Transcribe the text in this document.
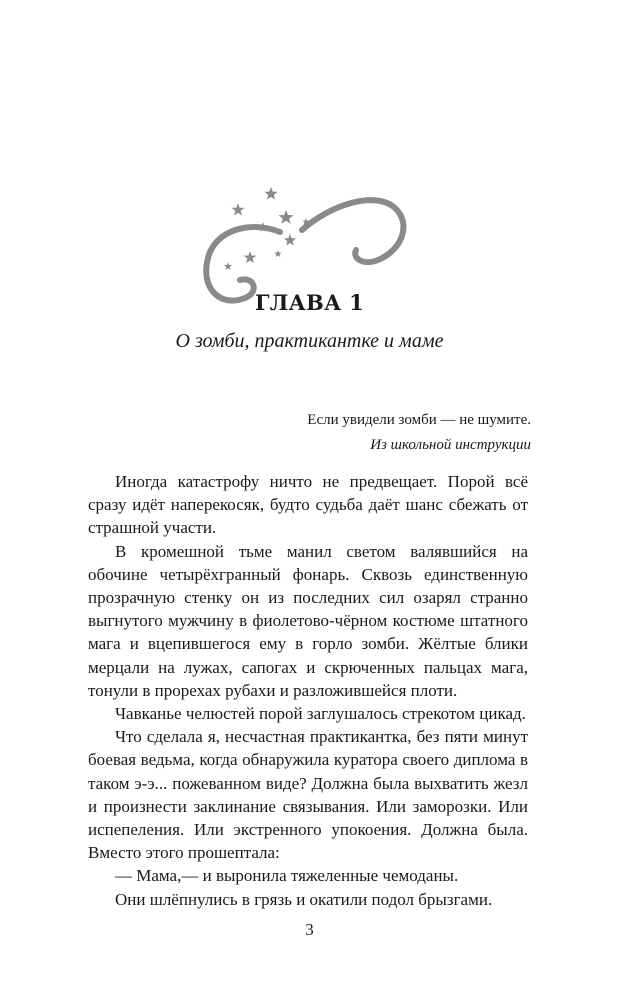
ГЛАВА 1
О зомби, практикантке и маме
Если увидели зомби — не шумите.
Из школьной инструкции

Иногда катастрофу ничто не предвещает. Порой всё сразу идёт наперекосяк, будто судьба даёт шанс сбежать от страшной участи.

В кромешной тьме манил светом валявшийся на обочине четырёхгранный фонарь. Сквозь единственную прозрачную стенку он из последних сил озарял странно выгнутого мужчину в фиолетово-чёрном костюме штатного мага и вцепившегося ему в горло зомби. Жёлтые блики мерцали на лужах, сапогах и скрюченных пальцах мага, тонули в прорехах рубахи и разложившейся плоти.

Чавканье челюстей порой заглушалось стрекотом цикад.

Что сделала я, несчастная практикантка, без пяти минут боевая ведьма, когда обнаружила куратора своего диплома в таком э-э... пожеванном виде? Должна была выхватить жезл и произнести заклинание связывания. Или заморозки. Или испепеления. Или экстренного упокоения. Должна была. Вместо этого прошептала:

— Мама,— и выронила тяжеленные чемоданы.

Они шлёпнулись в грязь и окатили подол брызгами.

3
